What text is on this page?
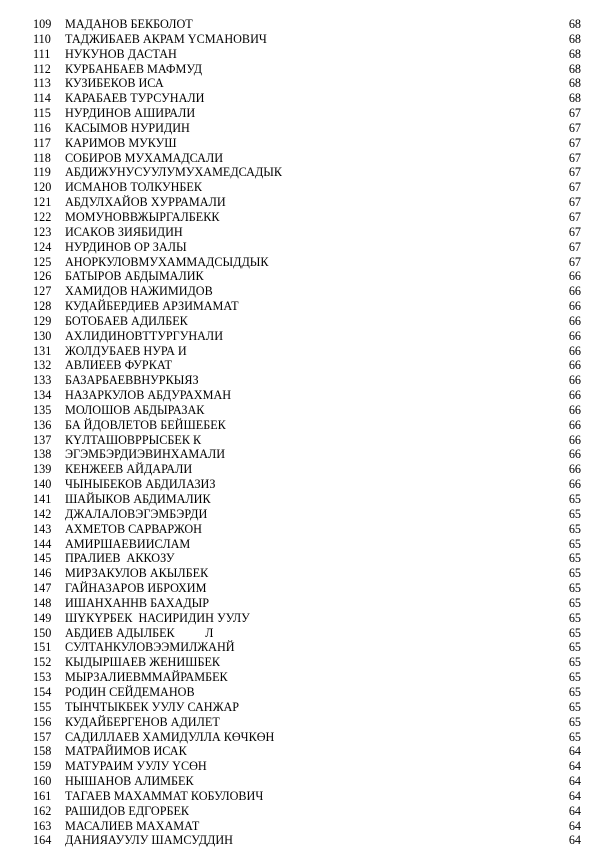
109	МАДАНОВ БЕКБОЛОТ	68
110	ТАДЖИБАЕВ АКРАМ ҮСМАНОВИЧ	68
111	НУКУНОВ ДАСТАН	68
112	КУРБАНБАЕВ МАФМУД	68
113	КУЗИБЕКОВ ИСА	68
114	КАРАБАЕВ ТУРСУНАЛИ	68
115	НУРДИНОВ АШИРАЛИ	67
116	КАСЫМОВ НУРИДИН	67
117	КАРИМОВ МУКУШ	67
118	СОБИРОВ МУХАМАДСАЛИ	67
119	АБДИЖУНУСУУЛУМУХАМЕДСАДЫК	67
120	ИСМАНОВ ТОЛКУНБЕК	67
121	АБДУЛХАЙОВ ХУРРАМАЛИ	67
122	МОМУНОВВЖЫРГАЛБЕКК	67
123	ИСАКОВ ЗИЯБИДИН	67
124	НУРДИНОВ ОР ЗАЛЫ	67
125	АНОРКУЛОВМУХАММАДСЫДДЫК	67
126	БАТЫРОВ АБДЫМАЛИК	66
127	ХАМИДОВ НАЖИМИДОВ	66
128	КУДАЙБЕРДИЕВ АРЗИМАМАТ	66
129	БОТОБАЕВ АДИЛБЕК	66
130	АХЛИДИНОВТТУРГУНАЛИ	66
131	ЖОЛДУБАЕВ НУРА И	66
132	АВЛИЕЕВ ФУРКАТ	66
133	БАЗАРБАЕВВНУРКЫЯЗ	66
134	НАЗАРКУЛОВ АБДУРАХМАН	66
135	МОЛОШОВ АБДЫРАЗАК	66
136	БА ЙДОВЛЕТОВ БЕЙШЕБЕК	66
137	КҮЛТАШОВРРЫСБЕК К	66
138	ЭГЭМБЭРДИЭВИНХАМАЛИ	66
139	КЕНЖЕЕВ АЙДАРАЛИ	66
140	ЧЫНЫБЕКОВ АБДИЛАЗИЗ	66
141	ШАЙЫКОВ АБДИМАЛИК	65
142	ДЖАЛАЛОВЭГЭМБЭРДИ	65
143	АХМЕТОВ САРВАРЖОН	65
144	АМИРШАЕВИИСЛАМ	65
145	ПРАЛИЕВ  АККОЗУ	65
146	МИРЗАКУЛОВ АКЫЛБЕК	65
147	ГАЙНАЗАРОВ ИБРОХИМ	65
148	ИШАНХАННВ БАХАДЫР	65
149	ШҮКҮРБЕК  НАСИРИДИН УУЛУ	65
150	АБДИЕВ АДЫЛБЕК          Л	65
151	СУЛТАНКУЛОВЭЭМИЛЖАНЙ	65
152	КЫДЫРШАЕВ ЖЕНИШБЕК	65
153	МЫРЗАЛИЕВММАЙРАМБЕК	65
154	РОДИН СЕЙДЕМАНОВ	65
155	ТЫНЧТЫКБЕК УУЛУ САНЖАР	65
156	КУДАЙБЕРГЕНОВ АДИЛЕТ	65
157	САДИЛЛАЕВ ХАМИДУЛЛА КӨЧКӨН	65
158	МАТРАЙИМОВ ИСАК	64
159	МАТУРАИМ УУЛУ ҮСӨН	64
160	НЫШАНОВ АЛИМБЕК	64
161	ТАГАЕВ МАХАММАТ КОБУЛОВИЧ	64
162	РАШИДОВ ЕДГОРБЕК	64
163	МАСАЛИЕВ МАХАМАТ	64
164	ДАНИЯАУУЛУ ШАМСУДДИН	64
